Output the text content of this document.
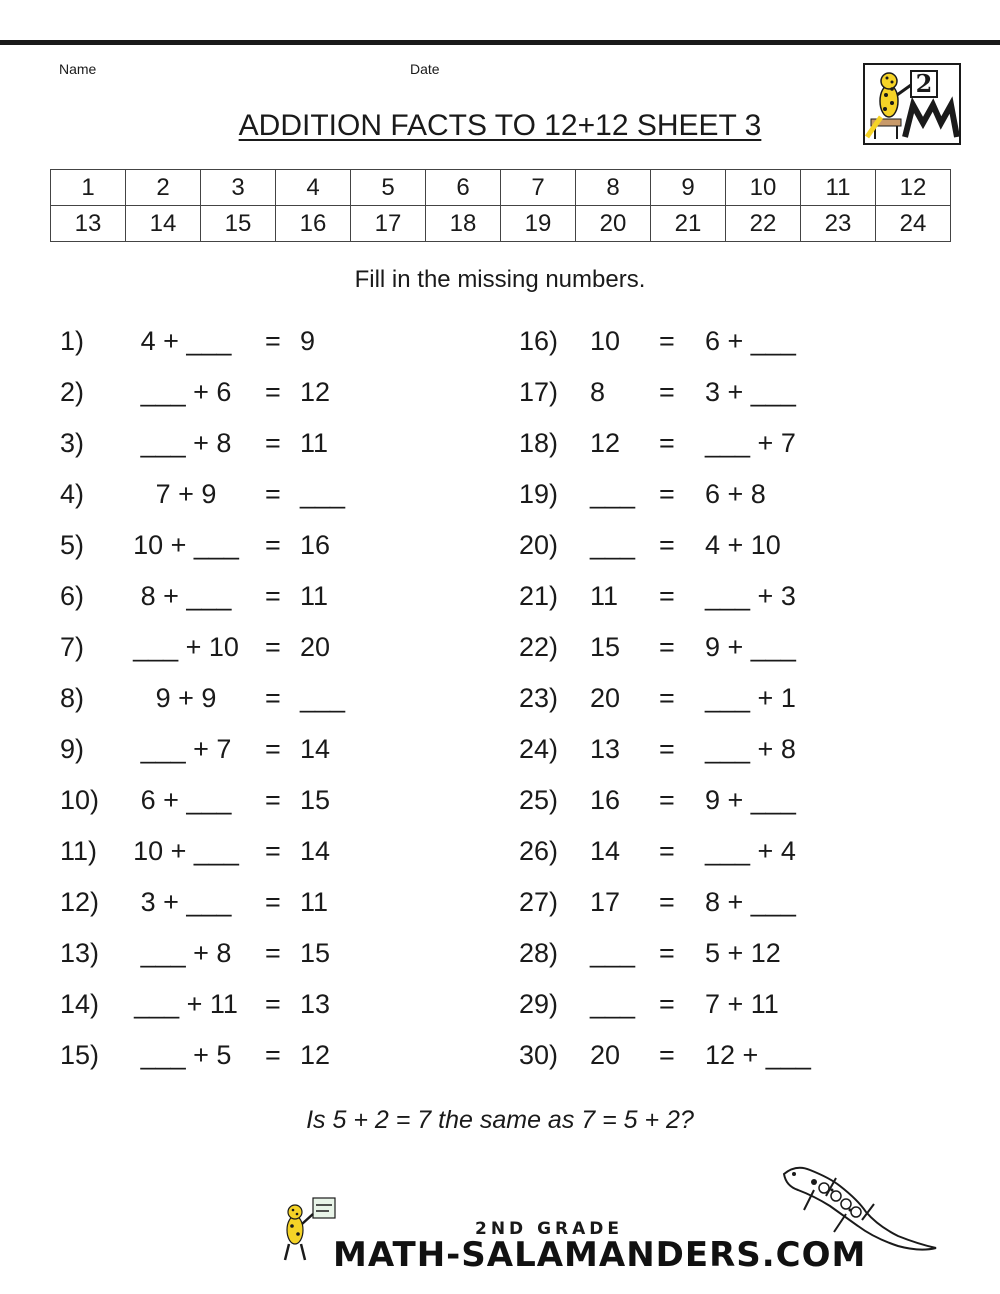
Name	Date
ADDITION FACTS TO 12+12 SHEET 3
2
1	2	3	4	5	6	7	8	9	10	11	12
13	14	15	16	17	18	19	20	21	22	23	24
Fill in the missing numbers.
1)	4 + ___	= 9
2)	___ + 6	= 12
3)	___ + 8	= 11
4)	7 + 9	= ___
5)	10 + ___ = 16
6)	8 + ___	= 11
7)	___ + 10 = 20
8)	9 + 9	= ___
9)	___ + 7	= 14
10)	6 + ___	= 15
11)	10 + ___ = 14
12)	3 + ___	= 11
13)	___ + 8	= 15
14)	___ + 11	= 13
15)	___ + 5	= 12
16) 10 = 6 + ___
17) 8 = 3 + ___
18) 12 = ___ + 7
19) ___ = 6 + 8
20) ___ = 4 + 10
21) 11 = ___ + 3
22) 15 = 9 + ___
23) 20 = ___ + 1
24) 13 = ___ + 8
25) 16 = 9 + ___
26) 14 = ___ + 4
27) 17 = 8 + ___
28) ___ = 5 + 12
29) ___ = 7 + 11
30) 20 = 12 + ___
Is 5 + 2 = 7 the same as 7 = 5 + 2?
2ND GRADE
MATH-SALAMANDERS.COM
